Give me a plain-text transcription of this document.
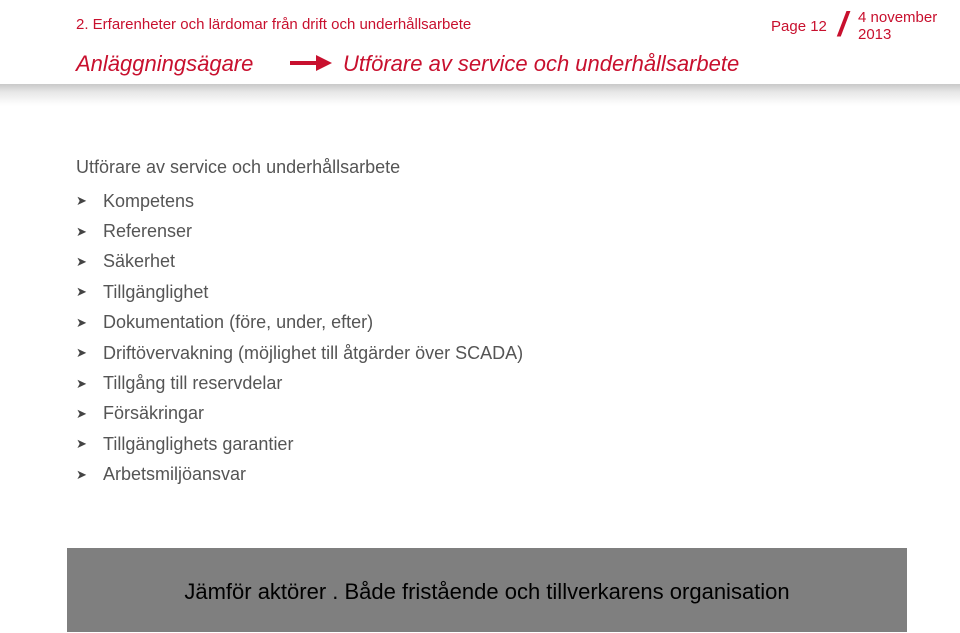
2. Erfarenheter och lärdomar från drift och underhållsarbete	Page 12 / 4 november
2013
Anläggningsägare	Utförare av service och underhållsarbete
Utförare av service och underhållsarbete
➤ Kompetens
➤ Referenser
➤ Säkerhet
➤ Tillgänglighet
➤ Dokumentation (före, under, efter)
➤ Driftövervakning (möjlighet till åtgärder över SCADA)
➤ Tillgång till reservdelar
➤ Försäkringar
➤ Tillgänglighets garantier
➤ Arbetsmiljöansvar
Jämför aktörer . Både fristående och tillverkarens organisation
